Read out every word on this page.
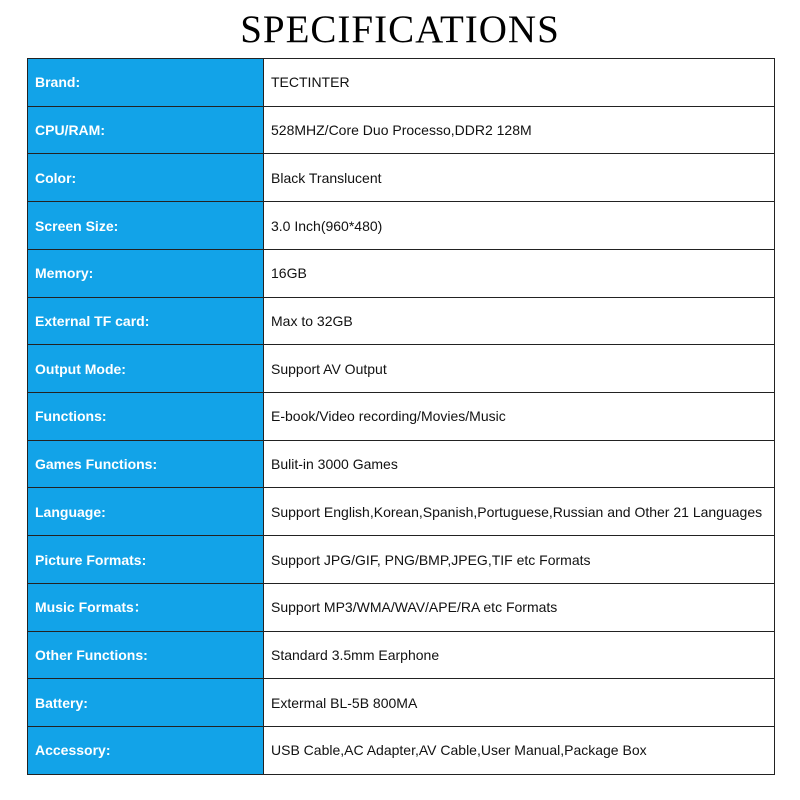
SPECIFICATIONS
Brand:	TECTINTER
CPU/RAM:	528MHZ/Core Duo Processo,DDR2 128M
Color:	Black Translucent
Screen Size:	3.0 Inch(960*480)
Memory:	16GB
External TF card:	Max to 32GB
Output Mode:	Support AV Output
Functions:	E-book/Video recording/Movies/Music
Games Functions:	Bulit-in 3000 Games
Language:	Support English,Korean,Spanish,Portuguese,Russian and Other 21 Languages
Picture Formats:	Support JPG/GIF, PNG/BMP,JPEG,TIF etc Formats
Music Formats：	Support MP3/WMA/WAV/APE/RA etc Formats
Other Functions:	Standard 3.5mm Earphone
Battery:	Extermal BL-5B 800MA
Accessory:	USB Cable,AC Adapter,AV Cable,User Manual,Package Box
